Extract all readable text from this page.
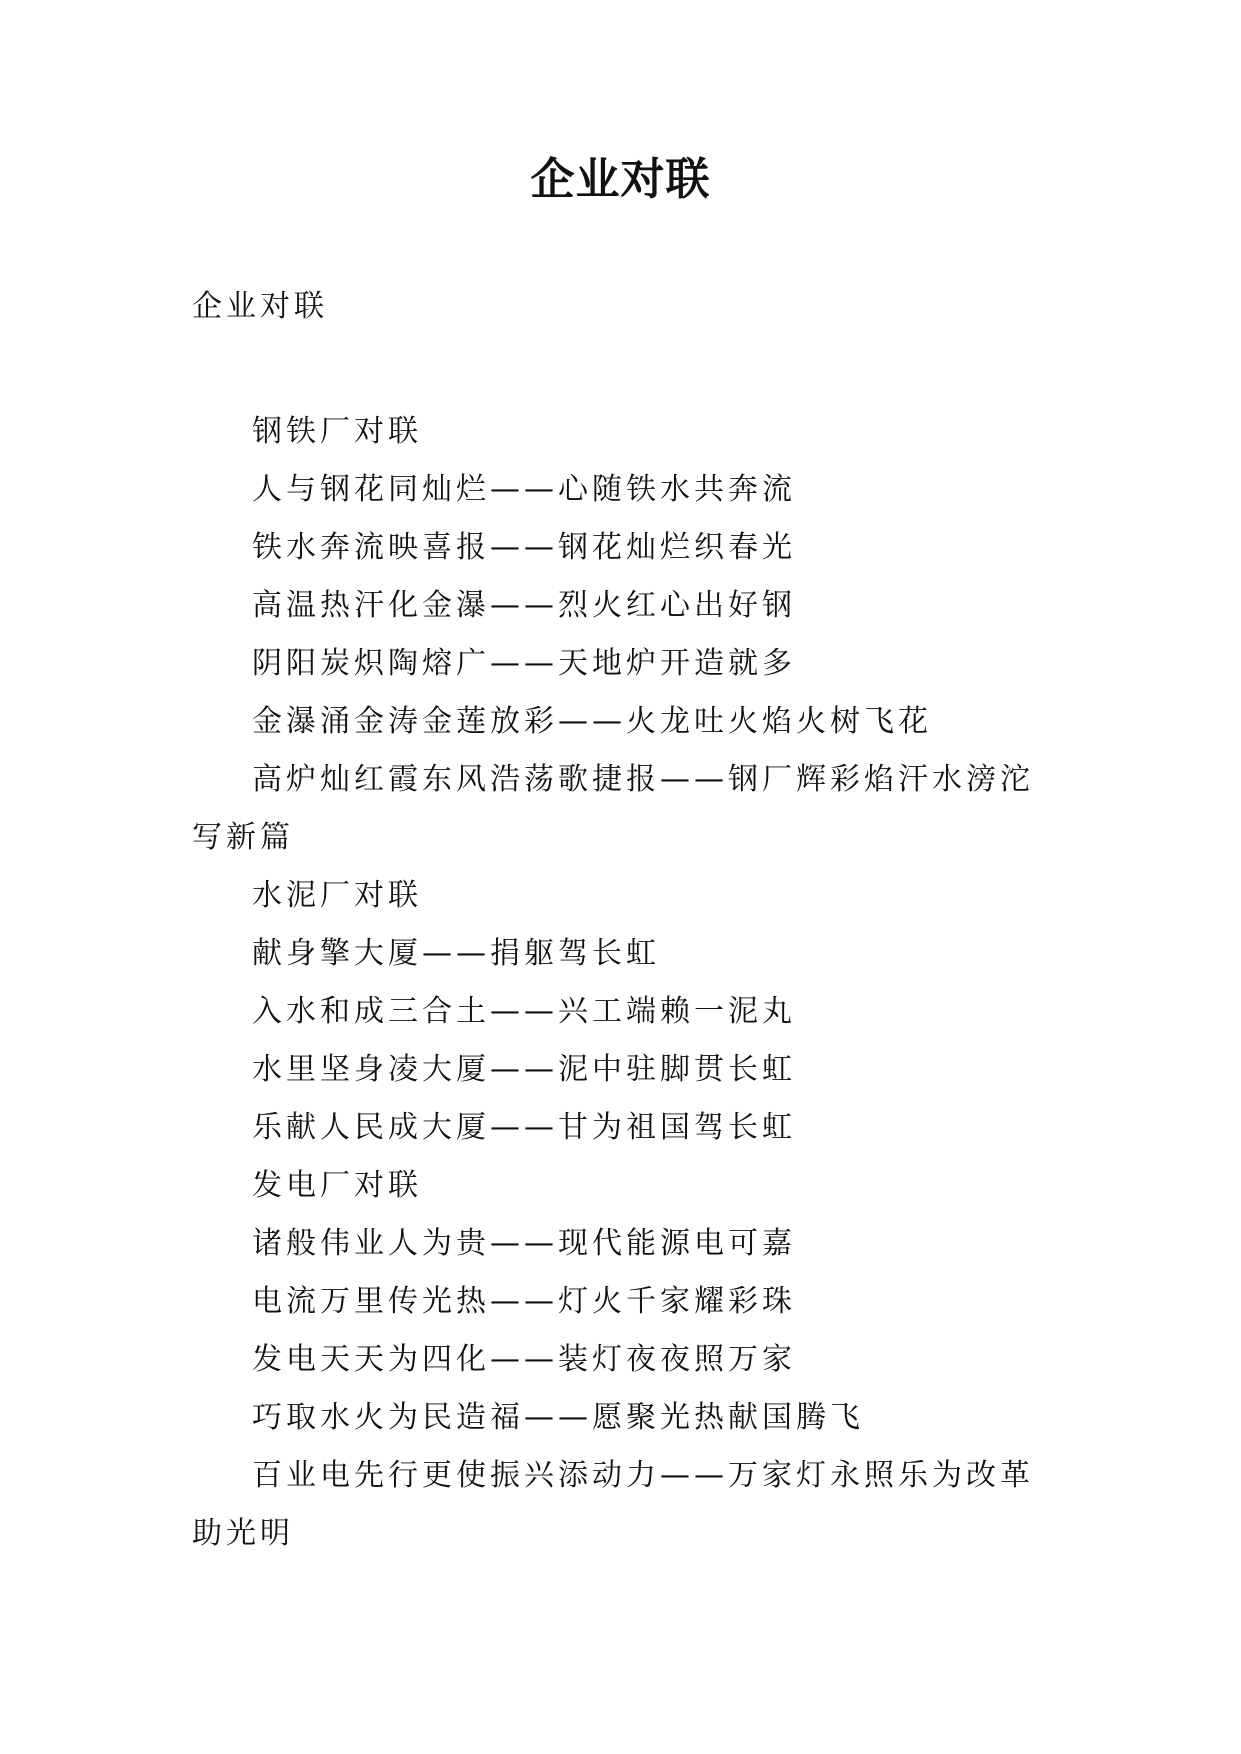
企业对联

企业对联

钢铁厂对联

人与钢花同灿烂——心随铁水共奔流

铁水奔流映喜报——钢花灿烂织春光

高温热汗化金瀑——烈火红心出好钢

阴阳炭炽陶熔广——天地炉开造就多

金瀑涌金涛金莲放彩——火龙吐火焰火树飞花

高炉灿红霞东风浩荡歌捷报——钢厂辉彩焰汗水滂沱写新篇

水泥厂对联

献身擎大厦——捐躯驾长虹

入水和成三合土——兴工端赖一泥丸

水里坚身凌大厦——泥中驻脚贯长虹

乐献人民成大厦——甘为祖国驾长虹

发电厂对联

诸般伟业人为贵——现代能源电可嘉

电流万里传光热——灯火千家耀彩珠

发电天天为四化——装灯夜夜照万家

巧取水火为民造福——愿聚光热献国腾飞

百业电先行更使振兴添动力——万家灯永照乐为改革助光明
